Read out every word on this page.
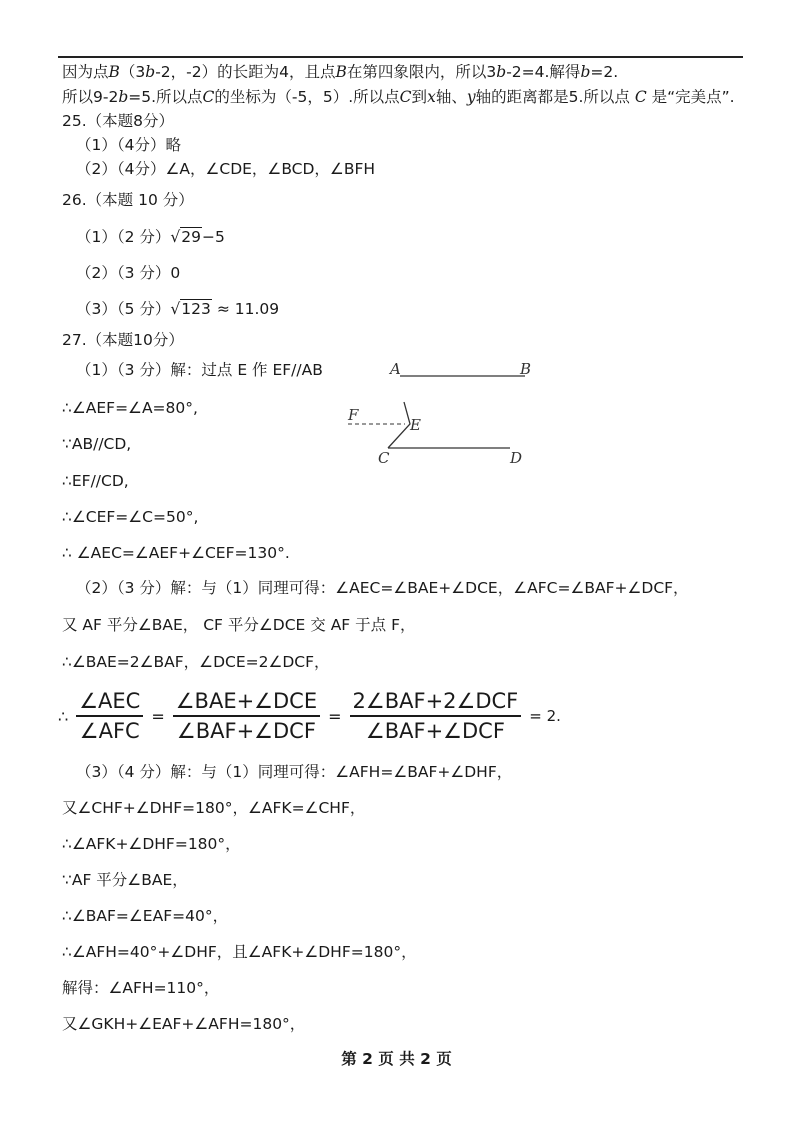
因为点B（3b-2，-2）的长距为4，且点B在第四象限内，所以3b-2=4.解得b=2.
所以9-2b=5.所以点C的坐标为（-5，5）.所以点C到x轴、y轴的距离都是5.所以点 C 是“完美点”.
25.（本题8分）
（1）（4分）略
（2）（4分）∠A，∠CDE，∠BCD，∠BFH
26.（本题 10 分）
（1）（2 分）√29−5
（2）（3 分）0
（3）（5 分）√123 ≈ 11.09
27.（本题10分）
（1）（3 分）解：过点 E 作 EF//AB
∴∠AEF=∠A=80°,
∵AB//CD,
∴EF//CD,
∴∠CEF=∠C=50°,
∴ ∠AEC=∠AEF+∠CEF=130°.
（2）（3 分）解：与（1）同理可得：∠AEC=∠BAE+∠DCE，∠AFC=∠BAF+∠DCF，
又 AF 平分∠BAE， CF 平分∠DCE 交 AF 于点 F，
∴∠BAE=2∠BAF，∠DCE=2∠DCF，
∴ $\frac{\text{∠AEC}}{\text{∠AFC}} = \frac{\text{∠BAE+∠DCE}}{\text{∠BAF+∠DCF}} = \frac{\text{2∠BAF+2∠DCF}}{\text{∠BAF+∠DCF}} = 2$.
（3）（4 分）解：与（1）同理可得：∠AFH=∠BAF+∠DHF，
又∠CHF+∠DHF=180°，∠AFK=∠CHF，
∴∠AFK+∠DHF=180°，
∵AF 平分∠BAE，
∴∠BAF=∠EAF=40°，
∴∠AFH=40°+∠DHF，且∠AFK+∠DHF=180°，
解得：∠AFH=110°，
又∠GKH+∠EAF+∠AFH=180°，
A	B
F
E
C	D
第 2 页 共 2 页
